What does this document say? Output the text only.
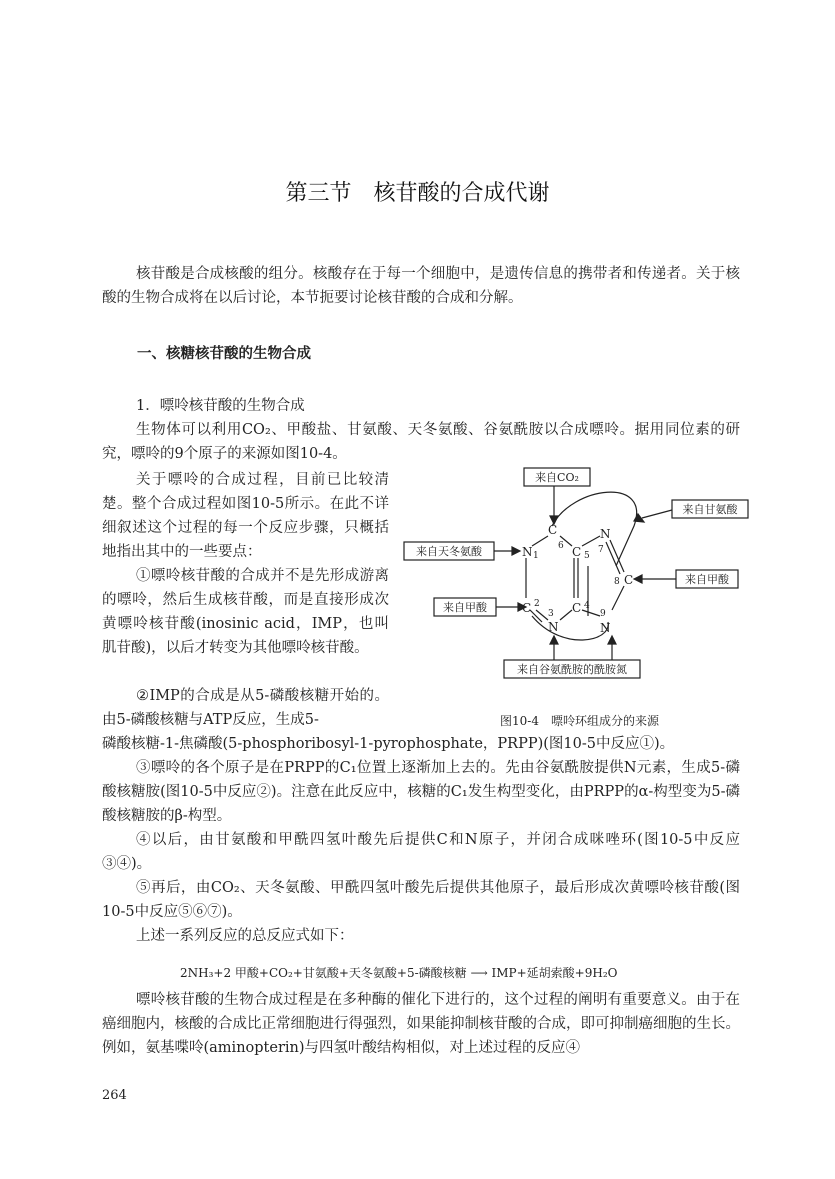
第三节　核苷酸的合成代谢

核苷酸是合成核酸的组分。核酸存在于每一个细胞中，是遗传信息的携带者和传递者。关于核酸的生物合成将在以后讨论，本节扼要讨论核苷酸的合成和分解。

一、核糖核苷酸的生物合成

1．嘌呤核苷酸的生物合成

生物体可以利用CO₂、甲酸盐、甘氨酸、天冬氨酸、谷氨酰胺以合成嘌呤。据用同位素的研究，嘌呤的9个原子的来源如图10-4。

关于嘌呤的合成过程，目前已比较清楚。整个合成过程如图10-5所示。在此不详细叙述这个过程的每一个反应步骤，只概括地指出其中的一些要点：

①嘌呤核苷酸的合成并不是先形成游离的嘌呤，然后生成核苷酸，而是直接形成次黄嘌呤核苷酸(inosinic acid，IMP，也叫肌苷酸)，以后才转变为其他嘌呤核苷酸。

②IMP的合成是从5-磷酸核糖开始的。由5-磷酸核糖与ATP反应，生成5-

磷酸核糖-1-焦磷酸(5-phosphoribosyl-1-pyrophosphate，PRPP)(图10-5中反应①)。

③嘌呤的各个原子是在PRPP的C₁位置上逐渐加上去的。先由谷氨酰胺提供N元素，生成5-磷酸核糖胺(图10-5中反应②)。注意在此反应中，核糖的C₁发生构型变化，由PRPP的α-构型变为5-磷酸核糖胺的β-构型。

④以后，由甘氨酸和甲酰四氢叶酸先后提供C和N原子，并闭合成咪唑环(图10-5中反应③④)。

⑤再后，由CO₂、天冬氨酸、甲酰四氢叶酸先后提供其他原子，最后形成次黄嘌呤核苷酸(图10-5中反应⑤⑥⑦)。

上述一系列反应的总反应式如下：

2NH₃+2 甲酸+CO₂+甘氨酸+天冬氨酸+5-磷酸核糖 ⟶ IMP+延胡索酸+9H₂O

嘌呤核苷酸的生物合成过程是在多种酶的催化下进行的，这个过程的阐明有重要意义。由于在癌细胞内，核酸的合成比正常细胞进行得强烈，如果能抑制核苷酸的合成，即可抑制癌细胞的生长。例如，氨基喋呤(aminopterin)与四氢叶酸结构相似，对上述过程的反应④

264
来自CO₂
来自甘氨酸
来自天冬氨酸
来自甲酸
来自甲酸
来自谷氨酰胺的酰胺氮
N
C
C
N
C
C
N
C
N
1
6
2
3
5
4
7
8
9
图10-4　嘌呤环组成分的来源
